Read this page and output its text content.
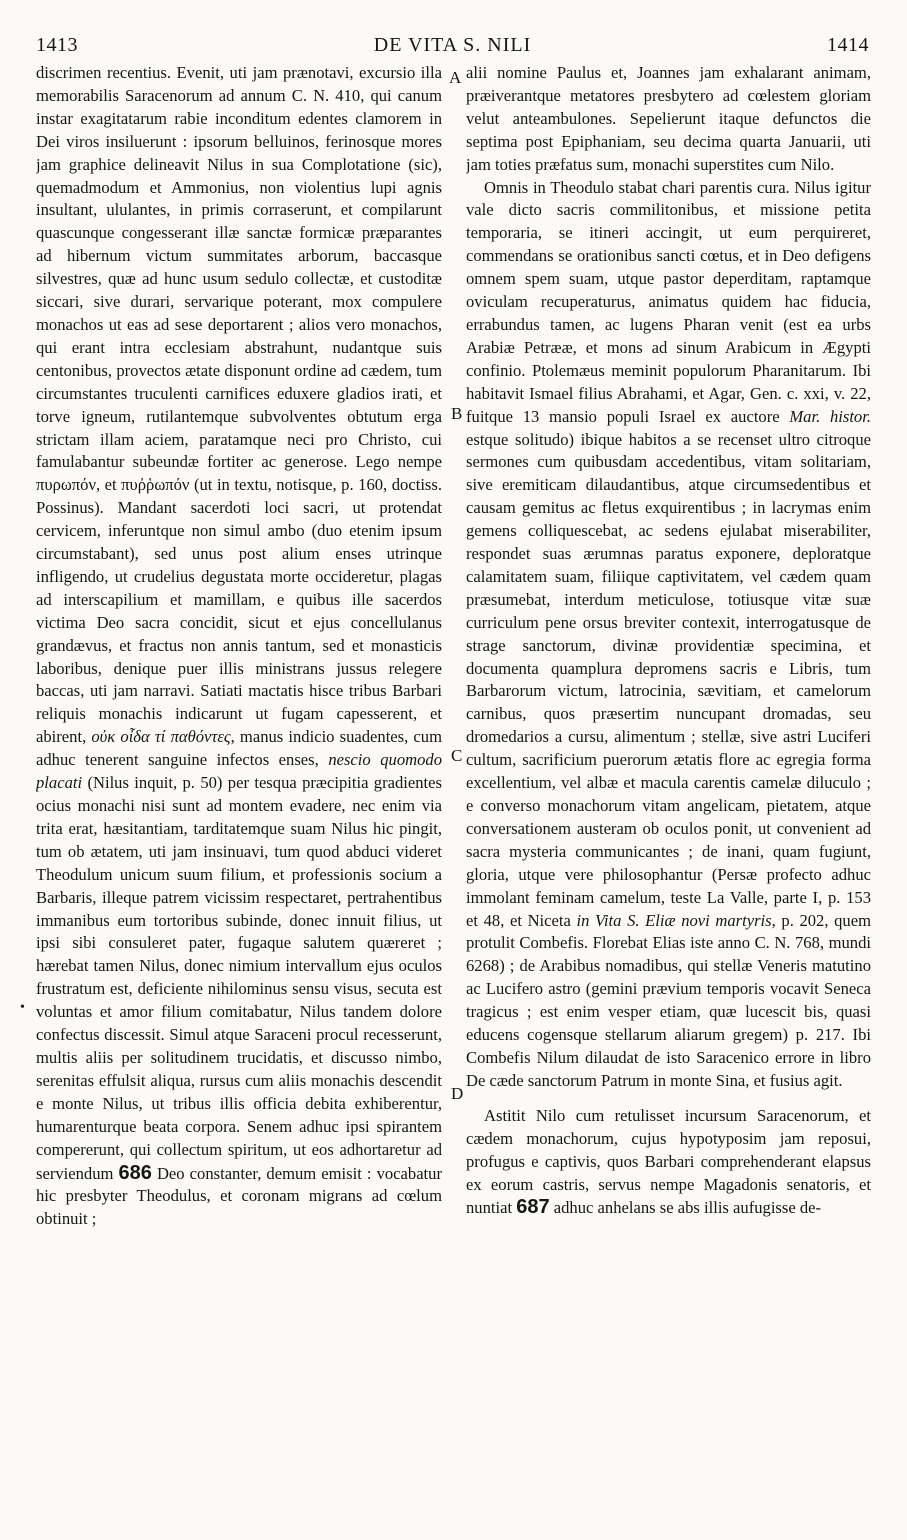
1413	DE VITA S. NILI	1414

discrimen recentius. Evenit, uti jam prænotavi, excursio illa memorabilis Saracenorum ad annum C. N. 410, qui canum instar exagitatarum rabie inconditum edentes clamorem in Dei viros insiluerunt : ipsorum belluinos, ferinosque mores jam graphice delineavit Nilus in sua Complotatione (sic), quemadmodum et Ammonius, non violentius lupi agnis insultant, ululantes, in primis corraserunt, et compilarunt quascunque congesserant illæ sanctæ formicæ præparantes ad hibernum victum summitates arborum, baccasque silvestres, quæ ad hunc usum sedulo collectæ, et custoditæ siccari, sive durari, servarique poterant, mox compulere monachos ut eas ad sese deportarent ; alios vero monachos, qui erant intra ecclesiam abstrahunt, nudantque suis centonibus, provectos ætate disponunt ordine ad cædem, tum circumstantes truculenti carnifices eduxere gladios irati, et torve igneum, rutilantemque subvolventes obtutum erga strictam illam aciem, paratamque neci pro Christo, cui famulabantur subeundæ fortiter ac generose. Lego nempe πυρωπόν, et πυῤῥωπόν (ut in textu, notisque, p. 160, doctiss. Possinus). Mandant sacerdoti loci sacri, ut protendat cervicem, inferuntque non simul ambo (duo etenim ipsum circumstabant), sed unus post alium enses utrinque infligendo, ut crudelius degustata morte occideretur, plagas ad interscapilium et mamillam, e quibus ille sacerdos victima Deo sacra concidit, sicut et ejus concellulanus grandævus, et fractus non annis tantum, sed et monasticis laboribus, denique puer illis ministrans jussus relegere baccas, uti jam narravi. Satiati mactatis hisce tribus Barbari reliquis monachis indicarunt ut fugam capesserent, et abirent, οὐκ οἶδα τί παθόντες, manus indicio suadentes, cum adhuc tenerent sanguine infectos enses, nescio quomodo placati (Nilus inquit, p. 50) per tesqua præcipitia gradientes ocius monachi nisi sunt ad montem evadere, nec enim via trita erat, hæsitantiam, tarditatemque suam Nilus hic pingit, tum ob ætatem, uti jam insinuavi, tum quod abduci videret Theodulum unicum suum filium, et professionis socium a Barbaris, illeque patrem vicissim respectaret, pertrahentibus immanibus eum tortoribus subinde, donec innuit filius, ut ipsi sibi consuleret pater, fugaque salutem quæreret ; hærebat tamen Nilus, donec nimium intervallum ejus oculos frustratum est, deficiente nihilominus sensu visus, secuta est voluntas et amor filium comitabatur, Nilus tandem dolore confectus discessit. Simul atque Saraceni procul recesserunt, multis aliis per solitudinem trucidatis, et discusso nimbo, serenitas effulsit aliqua, rursus cum aliis monachis descendit e monte Nilus, ut tribus illis officia debita exhiberentur, humarenturque beata corpora. Senem adhuc ipsi spirantem compererunt, qui collectum spiritum, ut eos adhortaretur ad serviendum 686 Deo constanter, demum emisit : vocabatur hic presbyter Theodulus, et coronam migrans ad cœlum obtinuit ;

alii nomine Paulus et, Joannes jam exhalarant animam, præiverantque metatores presbytero ad cœlestem gloriam velut anteambulones. Sepelierunt itaque defunctos die septima post Epiphaniam, seu decima quarta Januarii, uti jam toties præfatus sum, monachi superstites cum Nilo.

Omnis in Theodulo stabat chari parentis cura. Nilus igitur vale dicto sacris commilitonibus, et missione petita temporaria, se itineri accingit, ut eum perquireret, commendans se orationibus sancti cœtus, et in Deo defigens omnem spem suam, utque pastor deperditam, raptamque oviculam recuperaturus, animatus quidem hac fiducia, errabundus tamen, ac lugens Pharan venit (est ea urbs Arabiæ Petrææ, et mons ad sinum Arabicum in Ægypti confinio. Ptolemæus meminit populorum Pharanitarum. Ibi habitavit Ismael filius Abrahami, et Agar, Gen. c. xxi, v. 22, fuitque 13 mansio populi Israel ex auctore Mar. histor. estque solitudo) ibique habitos a se recenset ultro citroque sermones cum quibusdam accedentibus, vitam solitariam, sive eremiticam dilaudantibus, atque circumsedentibus et causam gemitus ac fletus exquirentibus ; in lacrymas enim gemens colliquescebat, ac sedens ejulabat miserabiliter, respondet suas ærumnas paratus exponere, deploratque calamitatem suam, filiique captivitatem, vel cædem quam præsumebat, interdum meticulose, totiusque vitæ suæ curriculum pene orsus breviter contexit, interrogatusque de strage sanctorum, divinæ providentiæ specimina, et documenta quamplura depromens sacris e Libris, tum Barbarorum victum, latrocinia, sævitiam, et camelorum carnibus, quos præsertim nuncupant dromadas, seu dromedarios a cursu, alimentum ; stellæ, sive astri Luciferi cultum, sacrificium puerorum ætatis flore ac egregia forma excellentium, vel albæ et macula carentis camelæ diluculo ; e converso monachorum vitam angelicam, pietatem, atque conversationem austeram ob oculos ponit, ut convenient ad sacra mysteria communicantes ; de inani, quam fugiunt, gloria, utque vere philosophantur (Persæ profecto adhuc immolant feminam camelum, teste La Valle, parte I, p. 153 et 48, et Niceta in Vita S. Eliæ novi martyris, p. 202, quem protulit Combefis. Florebat Elias iste anno C. N. 768, mundi 6268) ; de Arabibus nomadibus, qui stellæ Veneris matutino ac Lucifero astro (gemini prævium temporis vocavit Seneca tragicus ; est enim vesper etiam, quæ lucescit bis, quasi educens cogensque stellarum aliarum gregem) p. 217. Ibi Combefis Nilum dilaudat de isto Saracenico errore in libro De cæde sanctorum Patrum in monte Sina, et fusius agit.

Astitit Nilo cum retulisset incursum Saracenorum, et cædem monachorum, cujus hypotyposim jam reposui, profugus e captivis, quos Barbari comprehenderant elapsus ex eorum castris, servus nempe Magadonis senatoris, et nuntiat 687 adhuc anhelans se abs illis aufugisse de-

A
B
C
D
•
